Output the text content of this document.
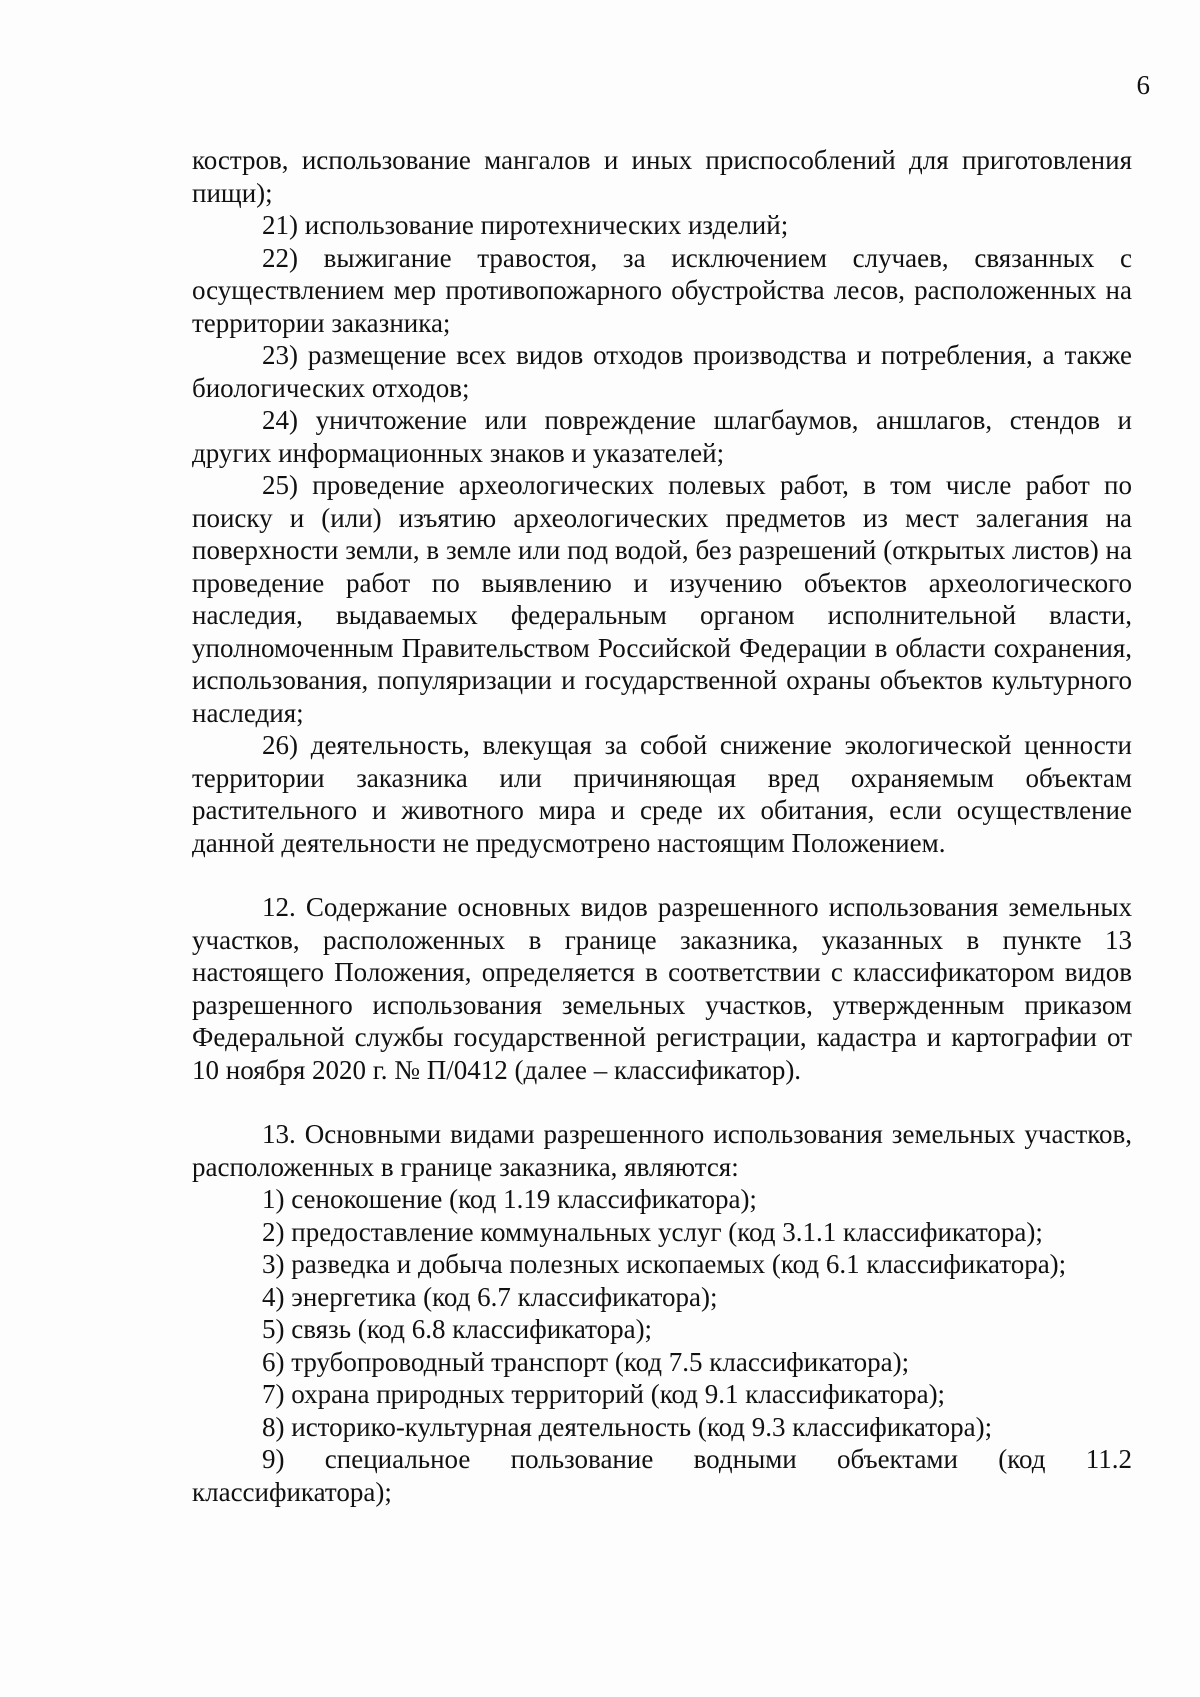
6

костров, использование мангалов и иных приспособлений для приготовления пищи);

21) использование пиротехнических изделий;

22) выжигание травостоя, за исключением случаев, связанных с осуществлением мер противопожарного обустройства лесов, расположенных на территории заказника;

23) размещение всех видов отходов производства и потребления, а также биологических отходов;

24) уничтожение или повреждение шлагбаумов, аншлагов, стендов и других информационных знаков и указателей;

25) проведение археологических полевых работ, в том числе работ по поиску и (или) изъятию археологических предметов из мест залегания на поверхности земли, в земле или под водой, без разрешений (открытых листов) на проведение работ по выявлению и изучению объектов археологического наследия, выдаваемых федеральным органом исполнительной власти, уполномоченным Правительством Российской Федерации в области сохранения, использования, популяризации и государственной охраны объектов культурного наследия;

26) деятельность, влекущая за собой снижение экологической ценности территории заказника или причиняющая вред охраняемым объектам растительного и животного мира и среде их обитания, если осуществление данной деятельности не предусмотрено настоящим Положением.

12. Содержание основных видов разрешенного использования земельных участков, расположенных в границе заказника, указанных в пункте 13 настоящего Положения, определяется в соответствии с классификатором видов разрешенного использования земельных участков, утвержденным приказом Федеральной службы государственной регистрации, кадастра и картографии от 10 ноября 2020 г. № П/0412 (далее – классификатор).

13. Основными видами разрешенного использования земельных участков, расположенных в границе заказника, являются:

1) сенокошение (код 1.19 классификатора);

2) предоставление коммунальных услуг (код 3.1.1 классификатора);

3) разведка и добыча полезных ископаемых (код 6.1 классификатора);

4) энергетика (код 6.7 классификатора);

5) связь (код 6.8 классификатора);

6) трубопроводный транспорт (код 7.5 классификатора);

7) охрана природных территорий (код 9.1 классификатора);

8) историко-культурная деятельность (код 9.3 классификатора);

9) специальное пользование водными объектами (код 11.2 классификатора);
